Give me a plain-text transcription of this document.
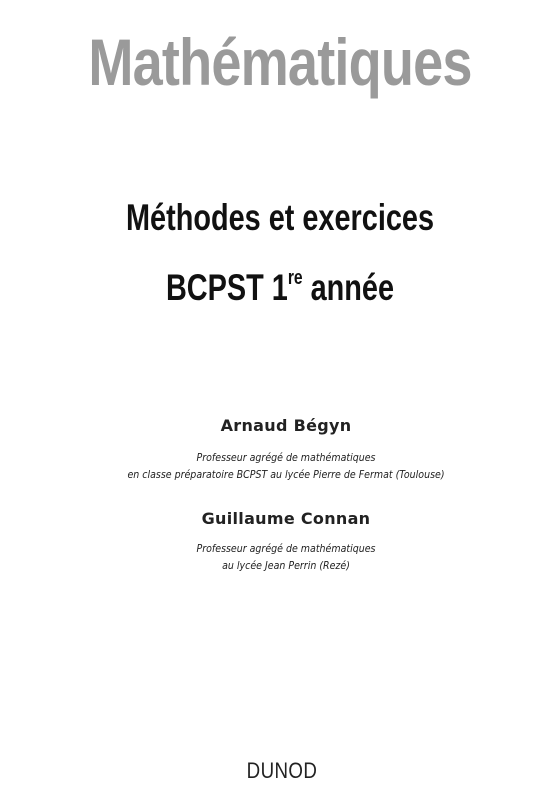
Mathématiques
Méthodes et exercices
BCPST 1re année
Arnaud Bégyn
Professeur agrégé de mathématiques
en classe préparatoire BCPST au lycée Pierre de Fermat (Toulouse)
Guillaume Connan
Professeur agrégé de mathématiques
au lycée Jean Perrin (Rezé)
DUNOD
